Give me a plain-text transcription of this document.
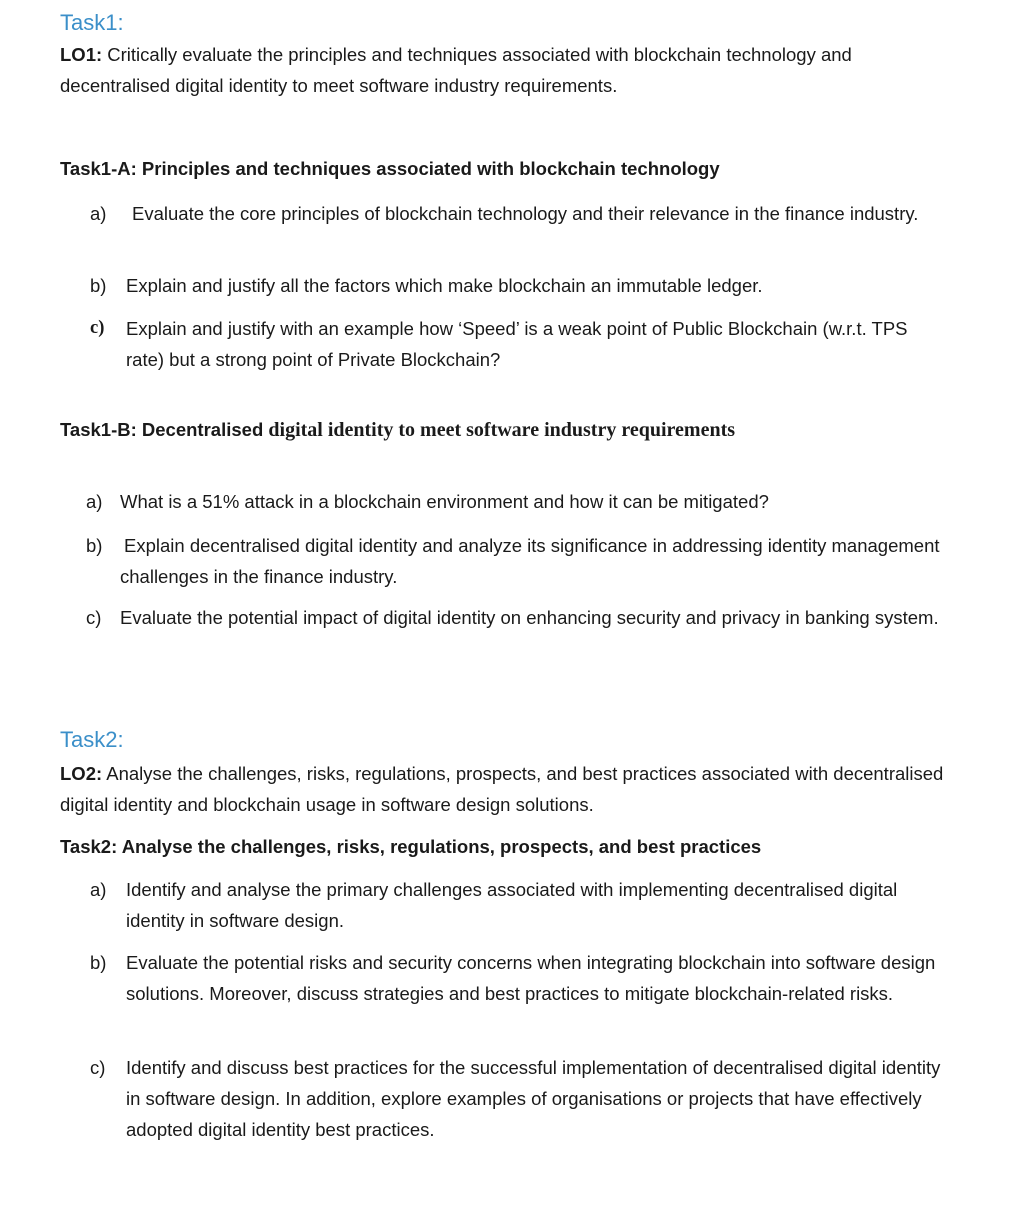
Task1:
LO1: Critically evaluate the principles and techniques associated with blockchain technology and decentralised digital identity to meet software industry requirements.
Task1-A: Principles and techniques associated with blockchain technology
a)	Evaluate the core principles of blockchain technology and their relevance in the finance industry.
b)	Explain and justify all the factors which make blockchain an immutable ledger.
c)	Explain and justify with an example how ‘Speed’ is a weak point of Public Blockchain (w.r.t. TPS rate) but a strong point of Private Blockchain?
Task1-B: Decentralised digital identity to meet software industry requirements
a) What is a 51% attack in a blockchain environment and how it can be mitigated?
b)	Explain decentralised digital identity and analyze its significance in addressing identity management challenges in the finance industry.
c)	Evaluate the potential impact of digital identity on enhancing security and privacy in banking system.
Task2:
LO2: Analyse the challenges, risks, regulations, prospects, and best practices associated with decentralised digital identity and blockchain usage in software design solutions.
Task2: Analyse the challenges, risks, regulations, prospects, and best practices
a)	Identify and analyse the primary challenges associated with implementing decentralised digital identity in software design.
b)	Evaluate the potential risks and security concerns when integrating blockchain into software design solutions. Moreover, discuss strategies and best practices to mitigate blockchain-related risks.
c)	Identify and discuss best practices for the successful implementation of decentralised digital identity in software design. In addition, explore examples of organisations or projects that have effectively adopted digital identity best practices.
